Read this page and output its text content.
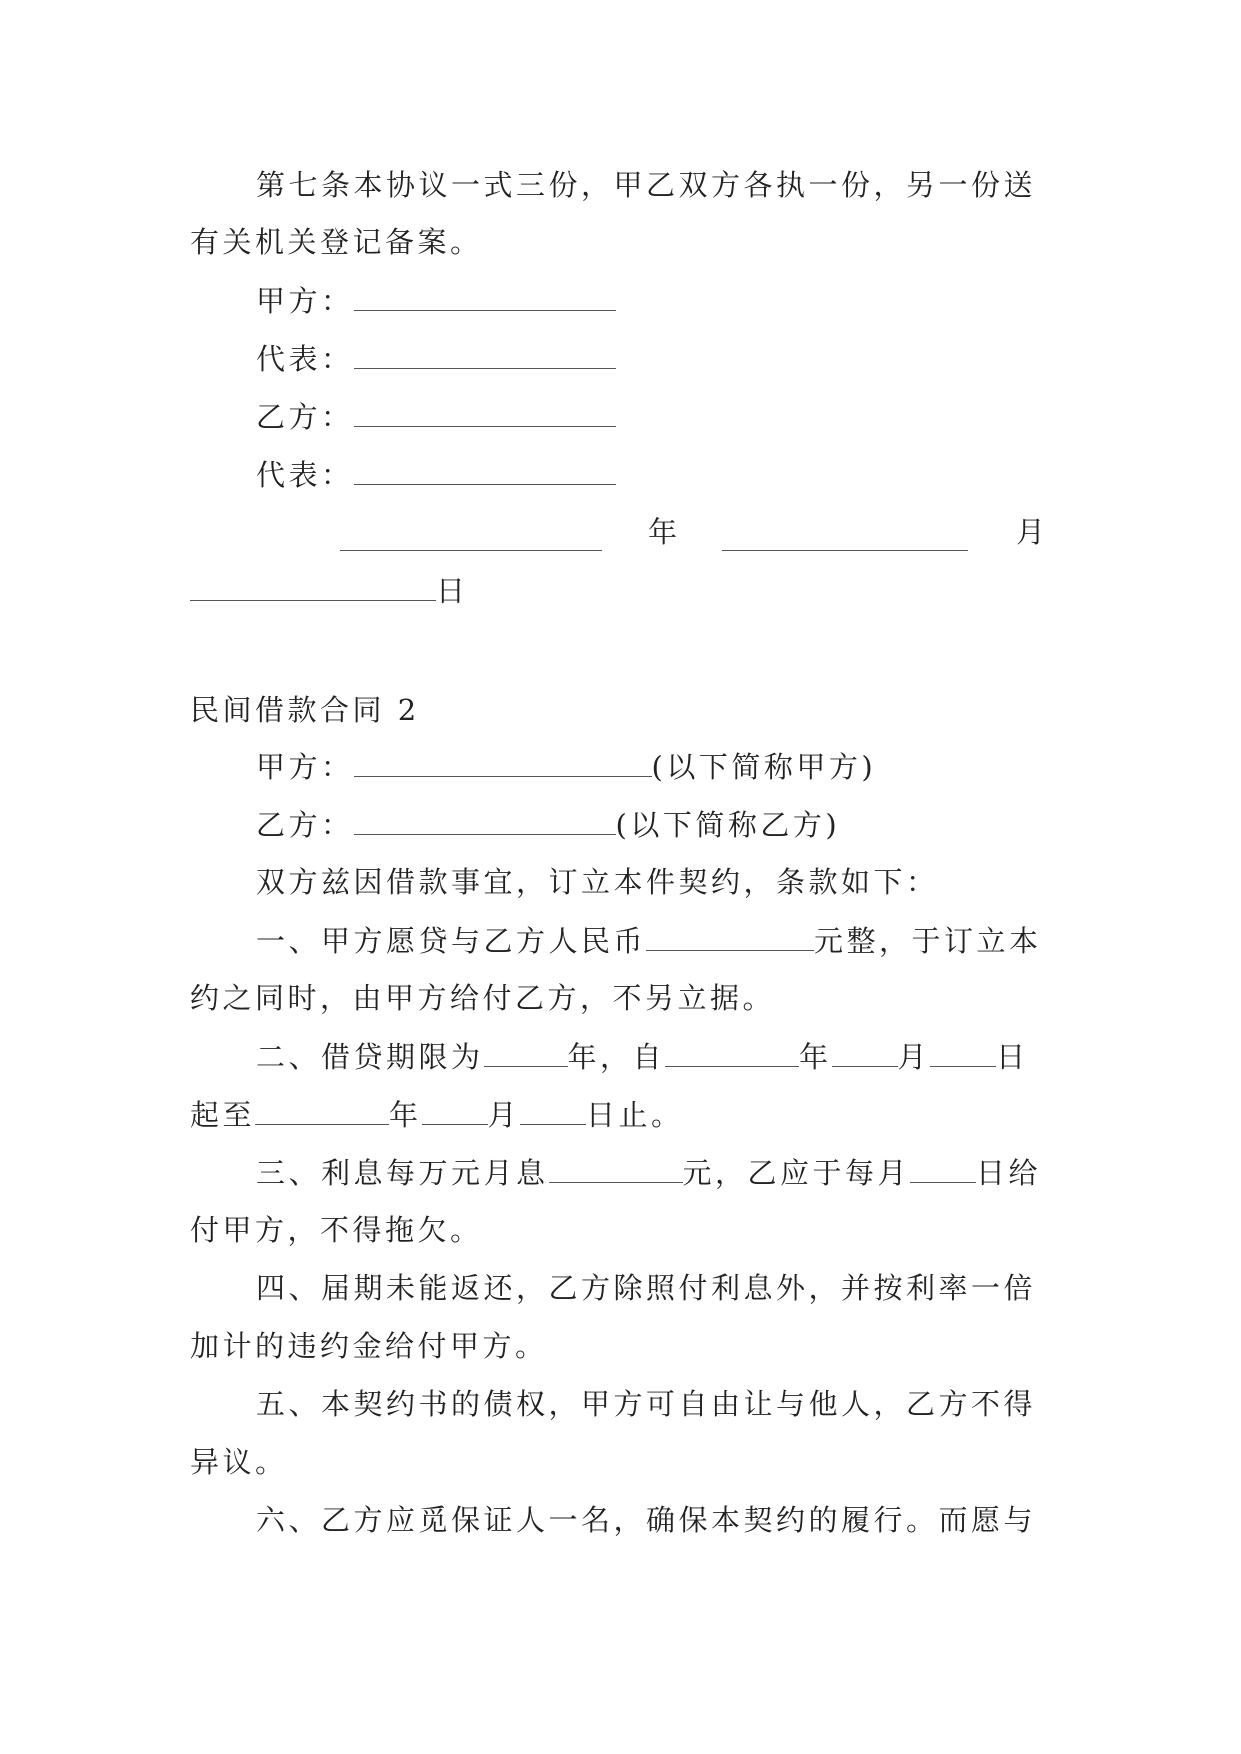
第七条本协议一式三份，甲乙双方各执一份，另一份送
有关机关登记备案。
甲方：
代表：
乙方：
代表：
年	月
日
民间借款合同 2
甲方：	(以下简称甲方)
乙方：	(以下简称乙方)
双方兹因借款事宜，订立本件契约，条款如下：
一、甲方愿贷与乙方人民币	元整，于订立本
约之同时，由甲方给付乙方，不另立据。
二、借贷期限为	年，自	年 月 日
起至	年 月 日止。
三、利息每万元月息	元，乙应于每月 日给
付甲方，不得拖欠。
四、届期未能返还，乙方除照付利息外，并按利率一倍
加计的违约金给付甲方。
五、本契约书的债权，甲方可自由让与他人，乙方不得
异议。
六、乙方应觅保证人一名，确保本契约的履行。而愿与
